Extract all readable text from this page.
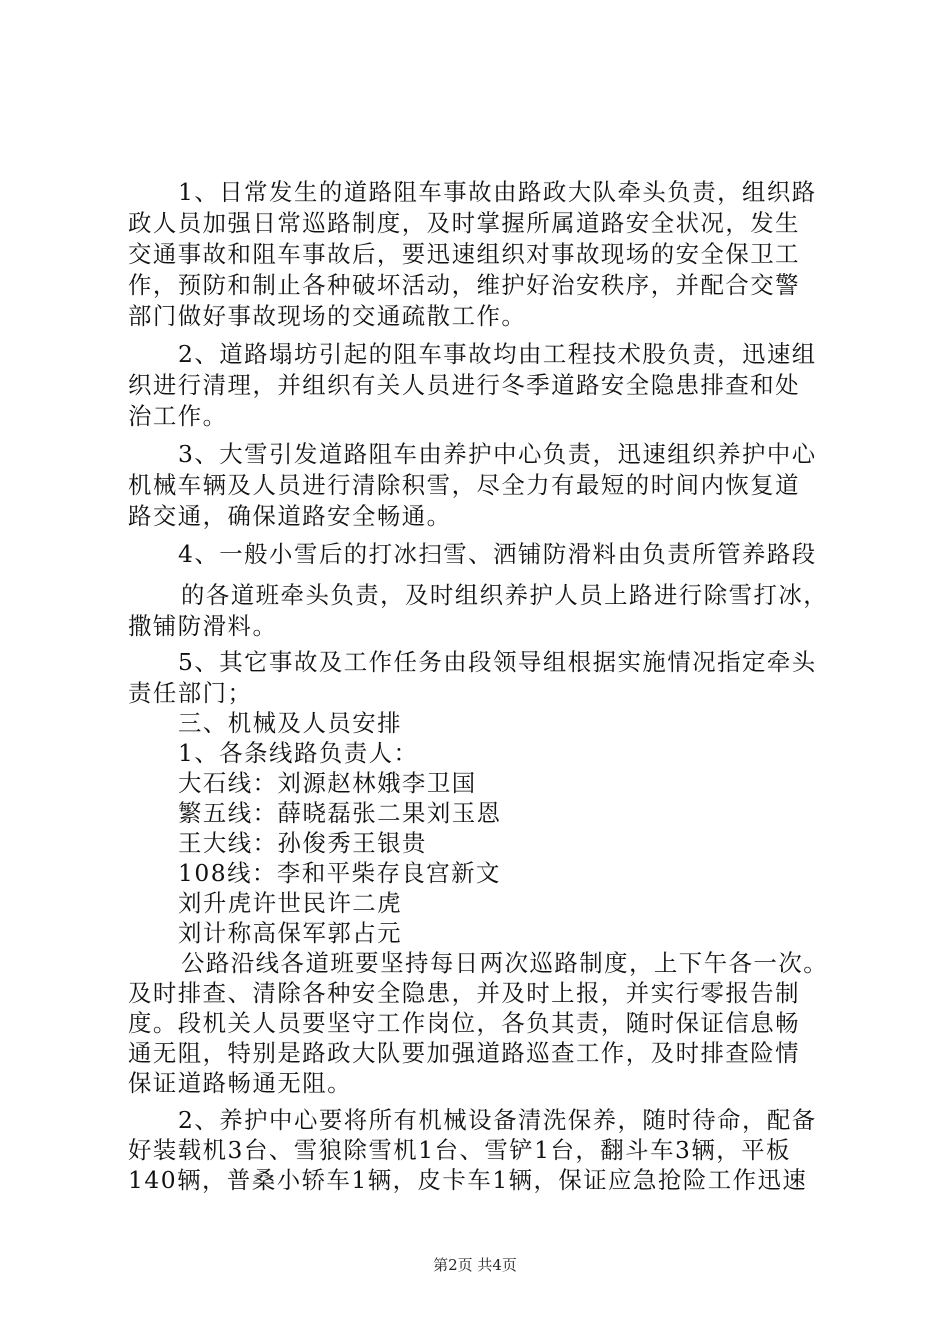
1、日常发生的道路阻车事故由路政大队牵头负责，组织路
政人员加强日常巡路制度，及时掌握所属道路安全状况，发生
交通事故和阻车事故后，要迅速组织对事故现场的安全保卫工
作，预防和制止各种破坏活动，维护好治安秩序，并配合交警
部门做好事故现场的交通疏散工作。
2、道路塌坊引起的阻车事故均由工程技术股负责，迅速组
织进行清理，并组织有关人员进行冬季道路安全隐患排查和处
治工作。
3、大雪引发道路阻车由养护中心负责，迅速组织养护中心
机械车辆及人员进行清除积雪，尽全力有最短的时间内恢复道
路交通，确保道路安全畅通。
4、一般小雪后的打冰扫雪、洒铺防滑料由负责所管养路段
的各道班牵头负责，及时组织养护人员上路进行除雪打冰，
撒铺防滑料。
5、其它事故及工作任务由段领导组根据实施情况指定牵头
责任部门；
三、机械及人员安排
1、各条线路负责人：
大石线：刘源赵林娥李卫国
繁五线：薛晓磊张二果刘玉恩
王大线：孙俊秀王银贵
108线：李和平柴存良宫新文
刘升虎许世民许二虎
刘计称高保军郭占元
公路沿线各道班要坚持每日两次巡路制度，上下午各一次。
及时排查、清除各种安全隐患，并及时上报，并实行零报告制
度。段机关人员要坚守工作岗位，各负其责，随时保证信息畅
通无阻，特别是路政大队要加强道路巡查工作，及时排查险情
保证道路畅通无阻。
2、养护中心要将所有机械设备清洗保养，随时待命，配备
好装载机3台、雪狼除雪机1台、雪铲1台，翻斗车3辆，平板
140辆，普桑小轿车1辆，皮卡车1辆，保证应急抢险工作迅速
第2页 共4页
